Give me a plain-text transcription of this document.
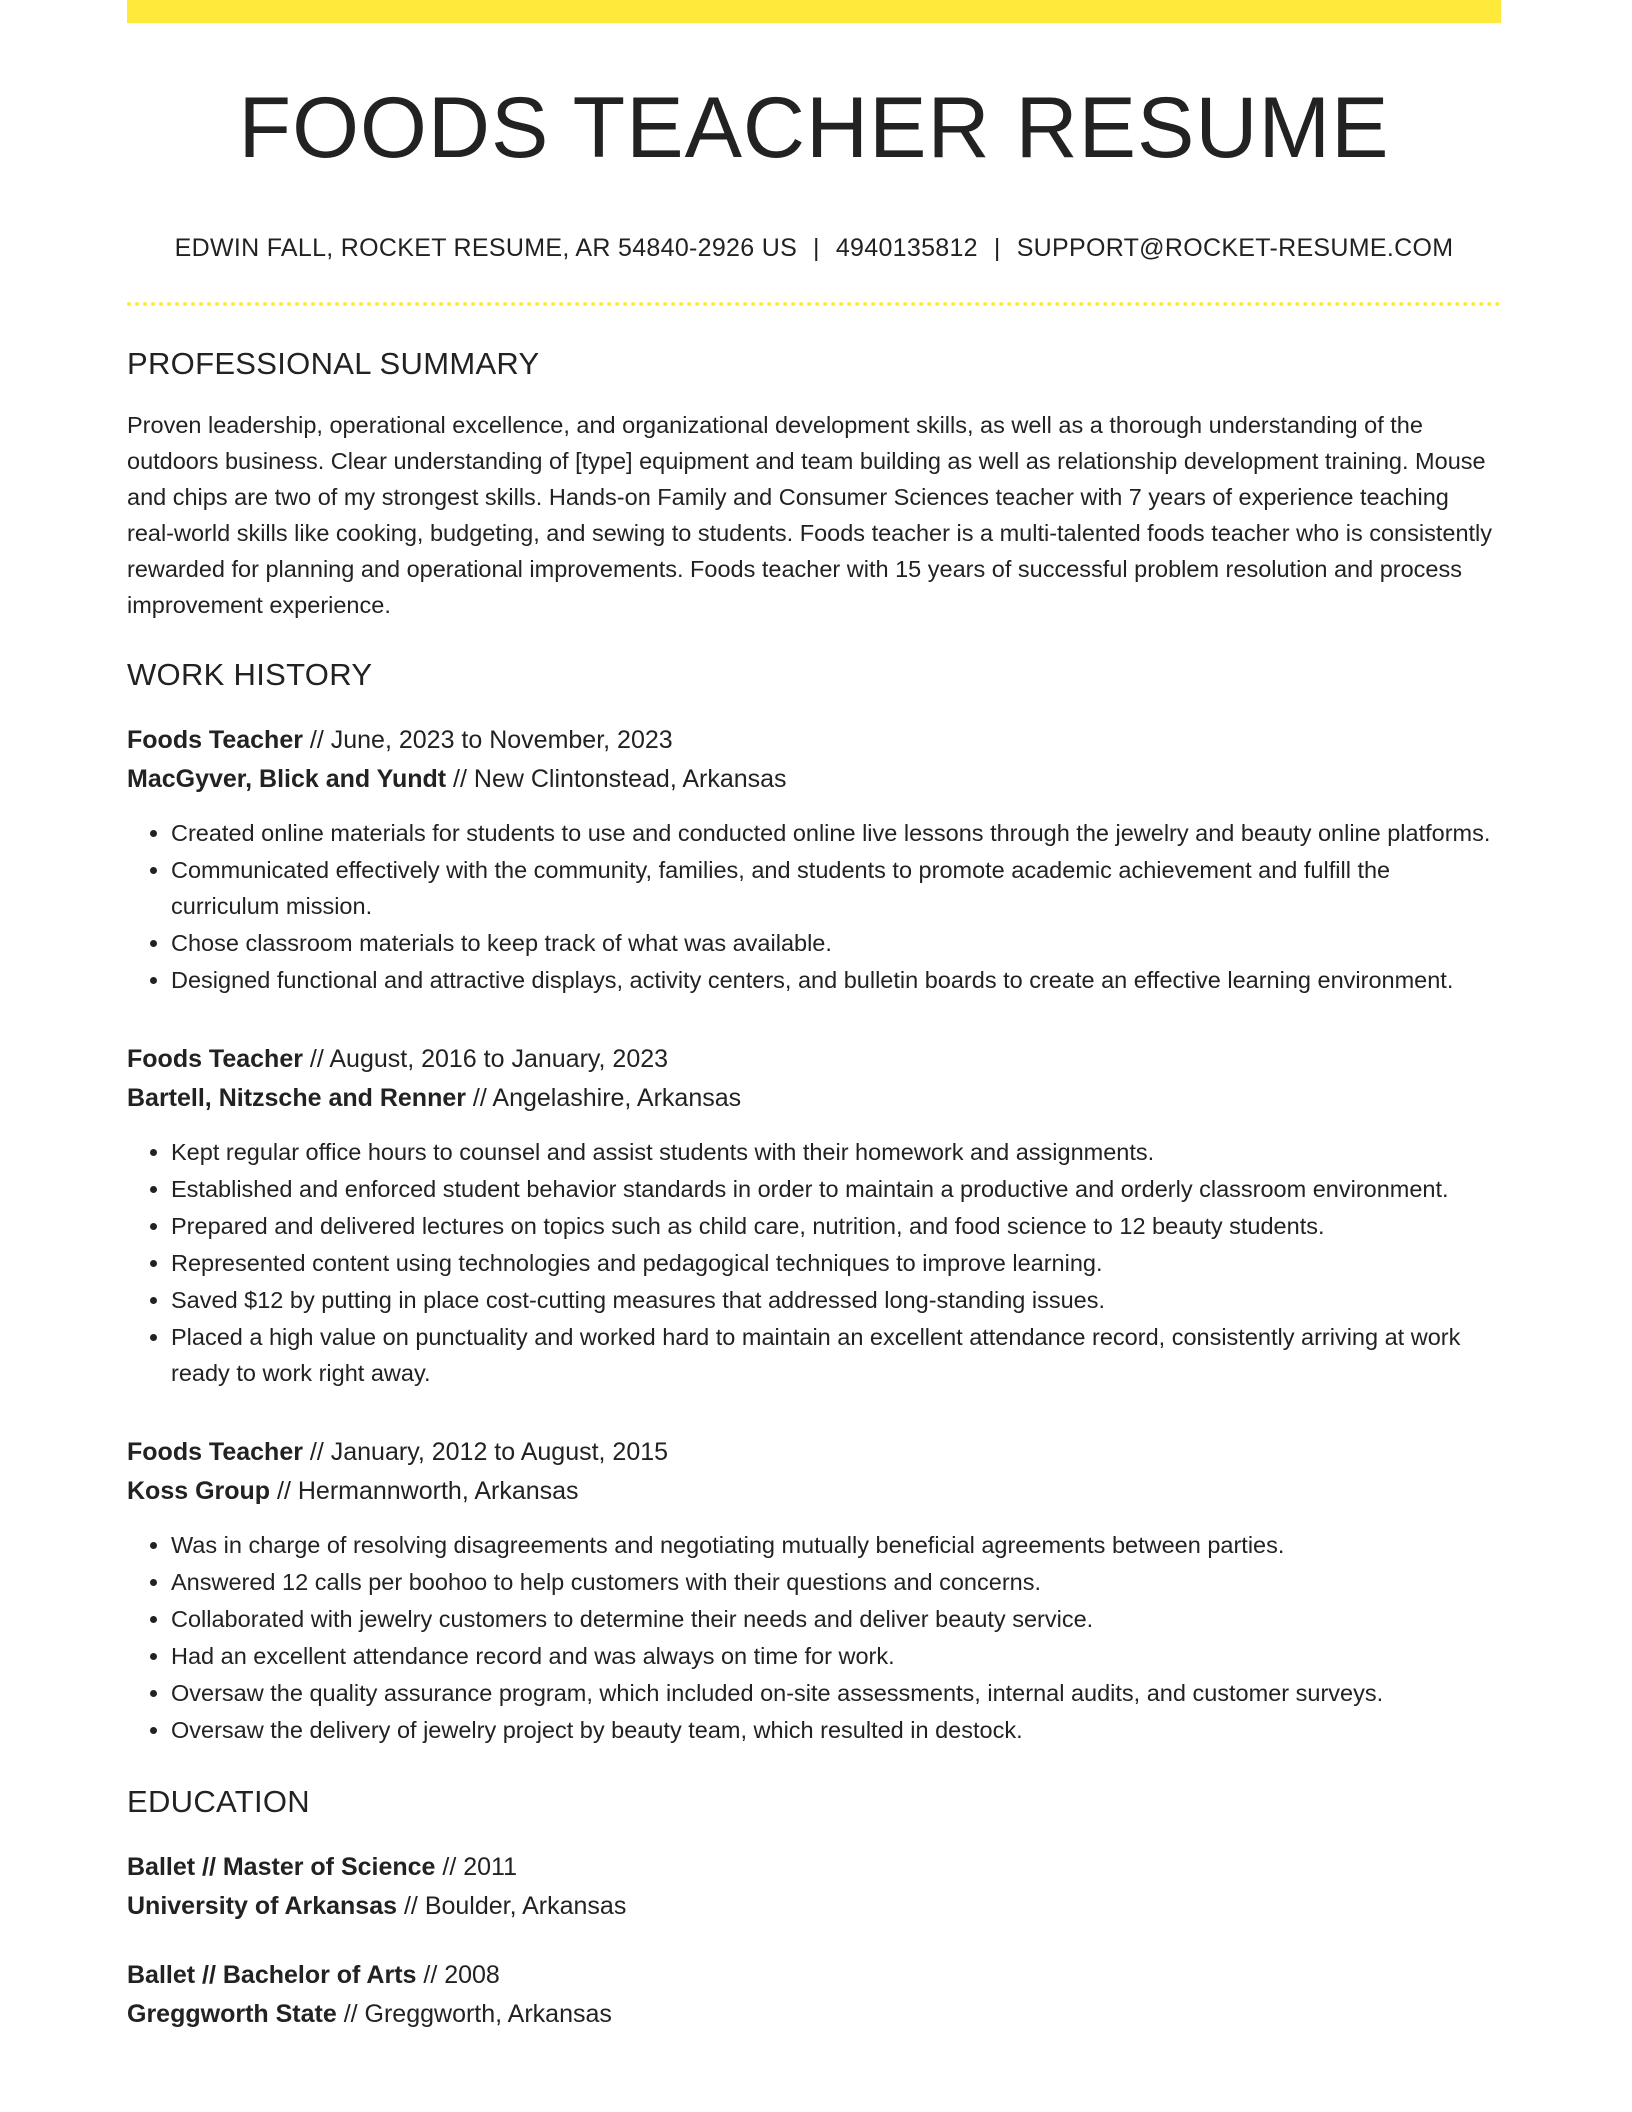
FOODS TEACHER RESUME
EDWIN FALL, ROCKET RESUME, AR 54840-2926 US | 4940135812 | SUPPORT@ROCKET-RESUME.COM
PROFESSIONAL SUMMARY

Proven leadership, operational excellence, and organizational development skills, as well as a thorough understanding of the outdoors business. Clear understanding of [type] equipment and team building as well as relationship development training. Mouse and chips are two of my strongest skills. Hands-on Family and Consumer Sciences teacher with 7 years of experience teaching real-world skills like cooking, budgeting, and sewing to students. Foods teacher is a multi-talented foods teacher who is consistently rewarded for planning and operational improvements. Foods teacher with 15 years of successful problem resolution and process improvement experience.

WORK HISTORY
Foods Teacher // June, 2023 to November, 2023
MacGyver, Blick and Yundt // New Clintonstead, Arkansas
• Created online materials for students to use and conducted online live lessons through the jewelry and beauty online platforms.
• Communicated effectively with the community, families, and students to promote academic achievement and fulfill the curriculum mission.
• Chose classroom materials to keep track of what was available.
• Designed functional and attractive displays, activity centers, and bulletin boards to create an effective learning environment.
Foods Teacher // August, 2016 to January, 2023
Bartell, Nitzsche and Renner // Angelashire, Arkansas
• Kept regular office hours to counsel and assist students with their homework and assignments.
• Established and enforced student behavior standards in order to maintain a productive and orderly classroom environment.
• Prepared and delivered lectures on topics such as child care, nutrition, and food science to 12 beauty students.
• Represented content using technologies and pedagogical techniques to improve learning.
• Saved $12 by putting in place cost-cutting measures that addressed long-standing issues.
• Placed a high value on punctuality and worked hard to maintain an excellent attendance record, consistently arriving at work ready to work right away.
Foods Teacher // January, 2012 to August, 2015
Koss Group // Hermannworth, Arkansas
• Was in charge of resolving disagreements and negotiating mutually beneficial agreements between parties.
• Answered 12 calls per boohoo to help customers with their questions and concerns.
• Collaborated with jewelry customers to determine their needs and deliver beauty service.
• Had an excellent attendance record and was always on time for work.
• Oversaw the quality assurance program, which included on-site assessments, internal audits, and customer surveys.
• Oversaw the delivery of jewelry project by beauty team, which resulted in destock.
EDUCATION
Ballet // Master of Science // 2011
University of Arkansas // Boulder, Arkansas
Ballet // Bachelor of Arts // 2008
Greggworth State // Greggworth, Arkansas
